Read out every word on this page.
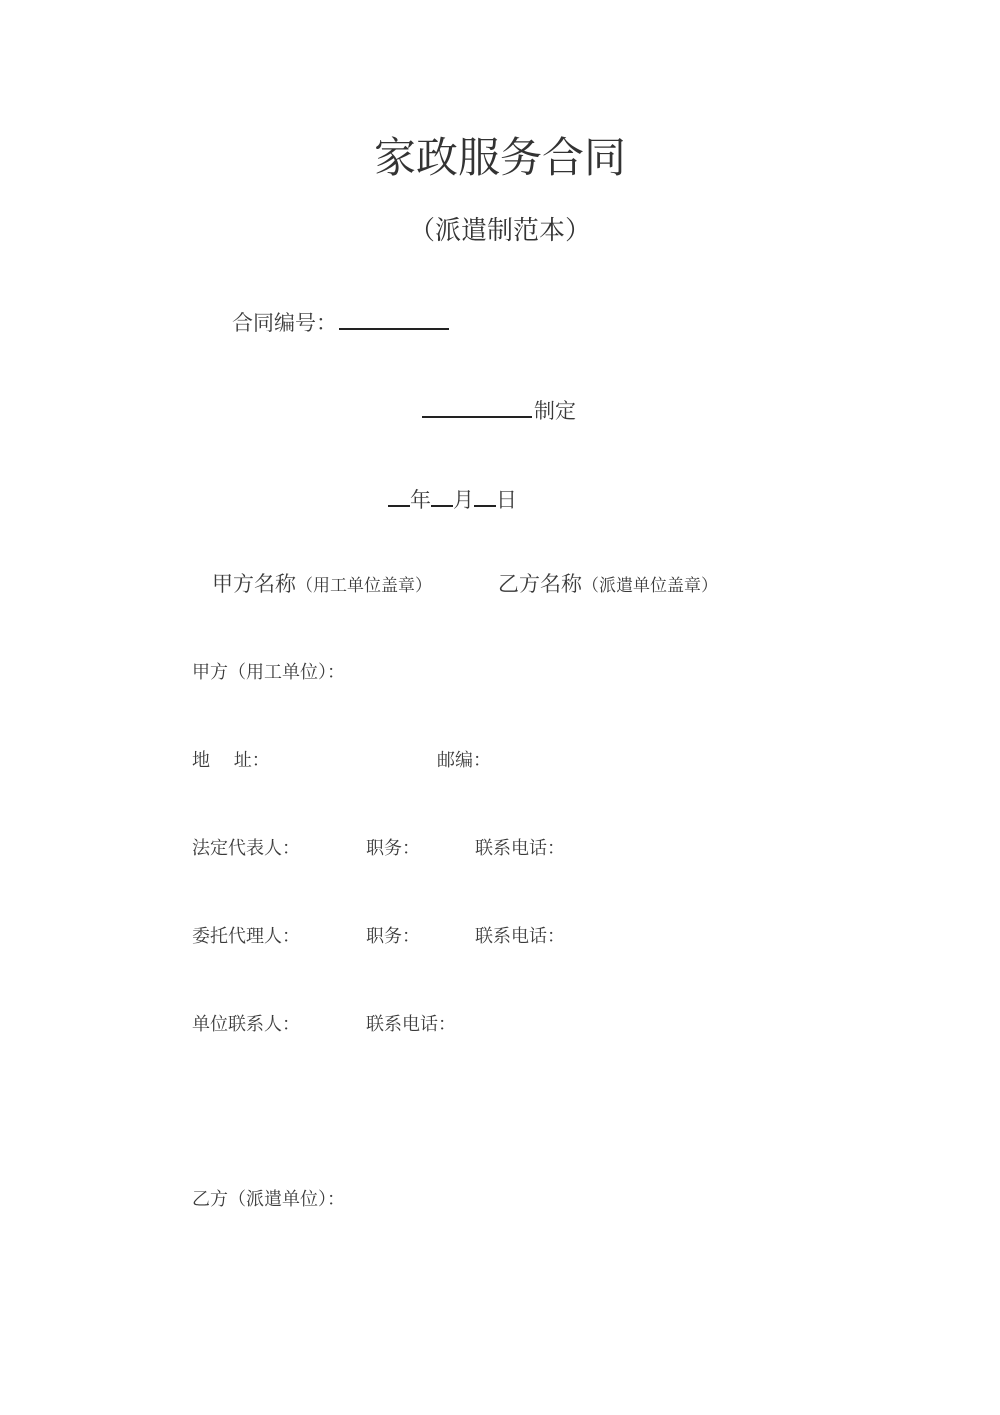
家政服务合同
（派遣制范本）
合同编号：
制定
年 月 日
甲方名称（用工单位盖章）	乙方名称（派遣单位盖章）
甲方（用工单位）：
地　 址：	邮编：
法定代表人：	职务：	联系电话：
委托代理人：	职务：	联系电话：
单位联系人：	联系电话：
乙方（派遣单位）：
